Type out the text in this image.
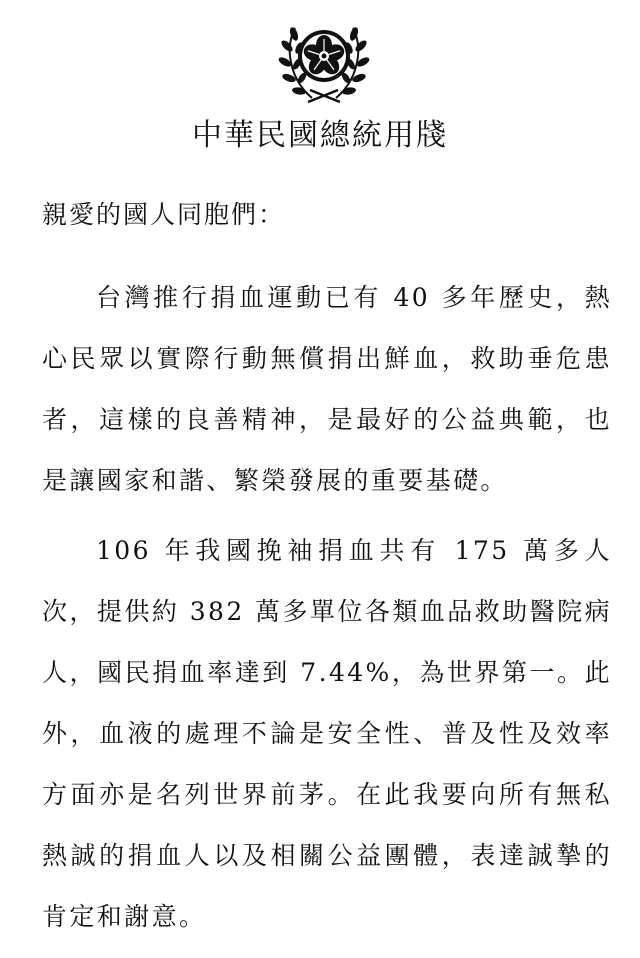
中華民國總統用牋

親愛的國人同胞們：

台灣推行捐血運動已有 40 多年歷史，熱心民眾以實際行動無償捐出鮮血，救助垂危患者，這樣的良善精神，是最好的公益典範，也是讓國家和諧、繁榮發展的重要基礎。

106 年我國挽袖捐血共有 175 萬多人次，提供約 382 萬多單位各類血品救助醫院病人，國民捐血率達到 7.44%，為世界第一。此外，血液的處理不論是安全性、普及性及效率方面亦是名列世界前茅。在此我要向所有無私熱誠的捐血人以及相關公益團體，表達誠摯的肯定和謝意。
